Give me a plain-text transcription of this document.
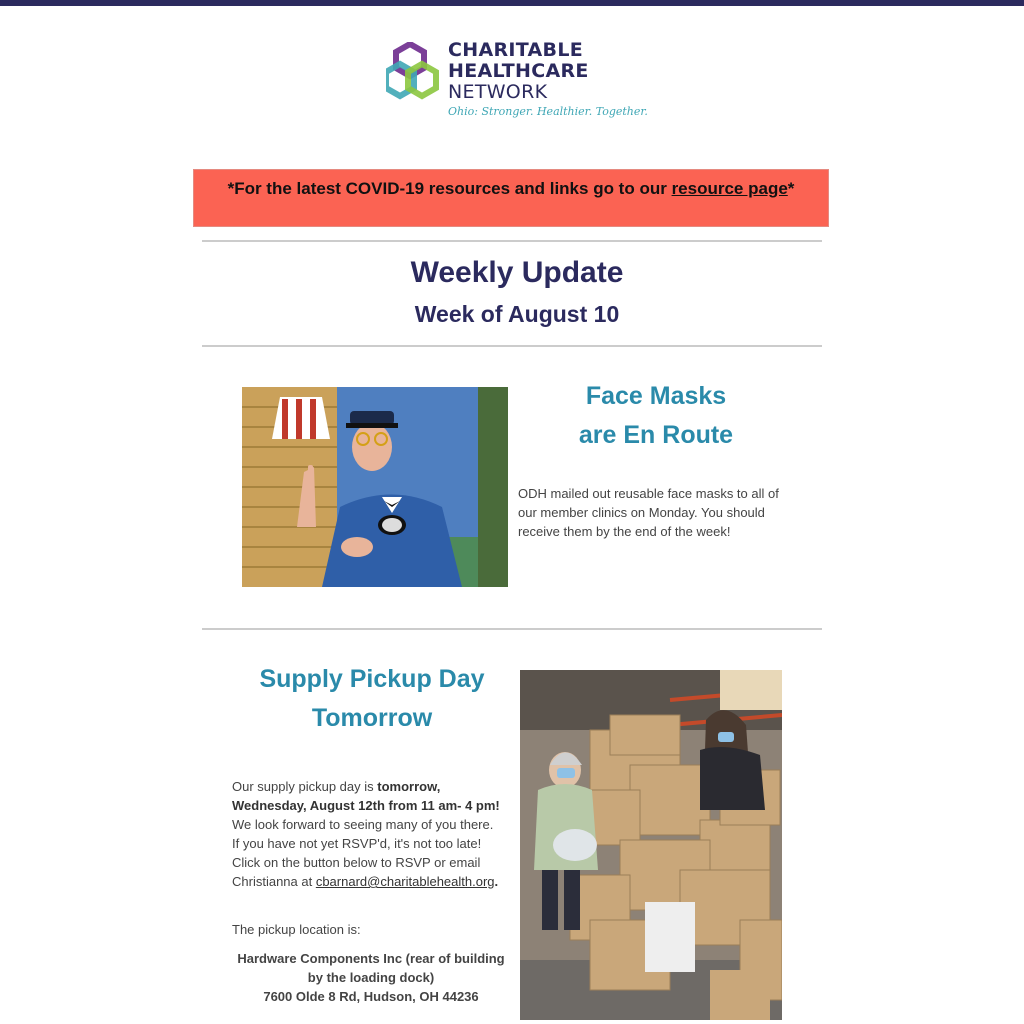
CHARITABLE
HEALTHCARE
NETWORK
Ohio: Stronger. Healthier. Together.
*For the latest COVID-19 resources and links go to our resource page*
Weekly Update
Week of August 10
Face Masks
are En Route
ODH mailed out reusable face masks to all of our member clinics on Monday. You should receive them by the end of the week!
Supply Pickup Day
Tomorrow
Our supply pickup day is tomorrow, Wednesday, August 12th from 11 am- 4 pm! We look forward to seeing many of you there. If you have not yet RSVP'd, it's not too late! Click on the button below to RSVP or email Christianna at cbarnard@charitablehealth.org.
The pickup location is:
Hardware Components Inc (rear of building by the loading dock)
7600 Olde 8 Rd, Hudson, OH 44236
